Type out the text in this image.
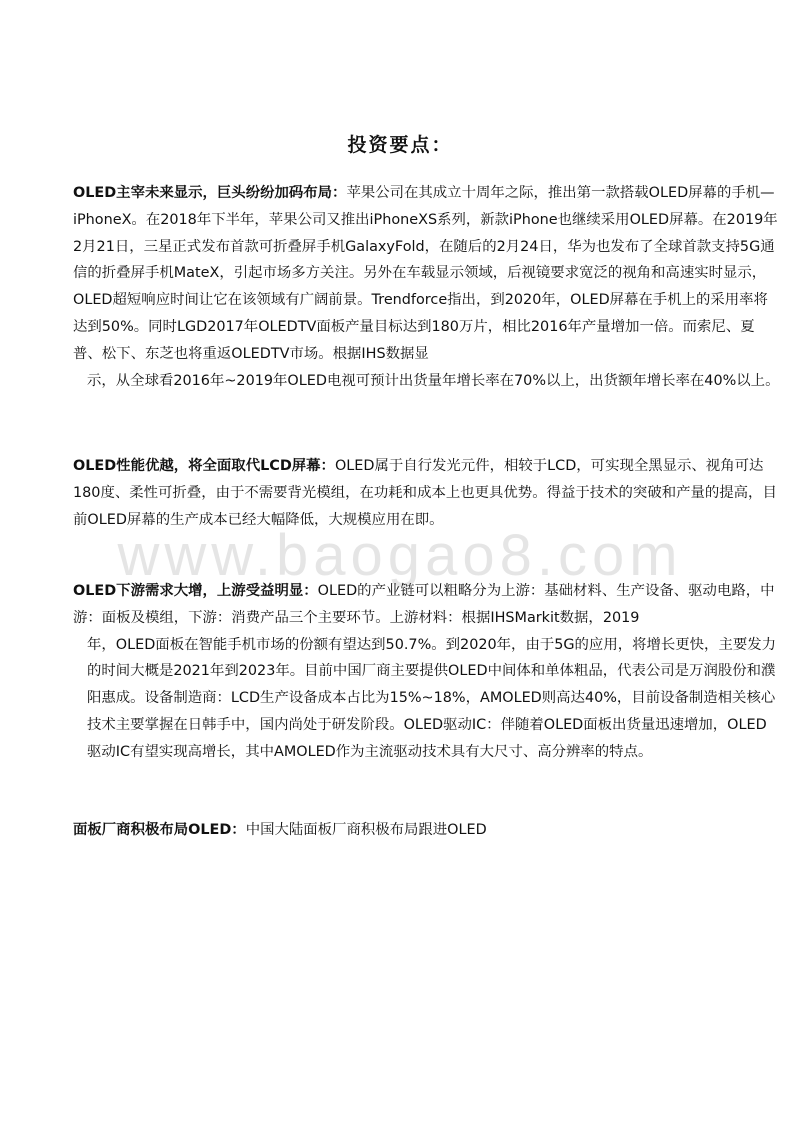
投资要点：

OLED主宰未来显示，巨头纷纷加码布局：苹果公司在其成立十周年之际，推出第一款搭载OLED屏幕的手机—iPhoneX。在2018年下半年，苹果公司又推出iPhoneXS系列，新款iPhone也继续采用OLED屏幕。在2019年2月21日，三星正式发布首款可折叠屏手机GalaxyFold，在随后的2月24日，华为也发布了全球首款支持5G通信的折叠屏手机MateX，引起市场多方关注。另外在车载显示领域，后视镜要求宽泛的视角和高速实时显示，OLED超短响应时间让它在该领域有广阔前景。Trendforce指出，到2020年，OLED屏幕在手机上的采用率将达到50%。同时LGD2017年OLEDTV面板产量目标达到180万片，相比2016年产量增加一倍。而索尼、夏普、松下、东芝也将重返OLEDTV市场。根据IHS数据显

示，从全球看2016年~2019年OLED电视可预计出货量年增长率在70%以上，出货额年增长率在40%以上。

OLED性能优越，将全面取代LCD屏幕：OLED属于自行发光元件，相较于LCD，可实现全黑显示、视角可达180度、柔性可折叠，由于不需要背光模组，在功耗和成本上也更具优势。得益于技术的突破和产量的提高，目前OLED屏幕的生产成本已经大幅降低，大规模应用在即。

OLED下游需求大增，上游受益明显：OLED的产业链可以粗略分为上游：基础材料、生产设备、驱动电路，中游：面板及模组，下游：消费产品三个主要环节。上游材料：根据IHSMarkit数据，2019

年，OLED面板在智能手机市场的份额有望达到50.7%。到2020年，由于5G的应用，将增长更快，主要发力的时间大概是2021年到2023年。目前中国厂商主要提供OLED中间体和单体粗品，代表公司是万润股份和濮阳惠成。设备制造商：LCD生产设备成本占比为15%~18%，AMOLED则高达40%，目前设备制造相关核心技术主要掌握在日韩手中，国内尚处于研发阶段。OLED驱动IC：伴随着OLED面板出货量迅速增加，OLED驱动IC有望实现高增长，其中AMOLED作为主流驱动技术具有大尺寸、高分辨率的特点。

面板厂商积极布局OLED：中国大陆面板厂商积极布局跟进OLED

www.baogao8.com
